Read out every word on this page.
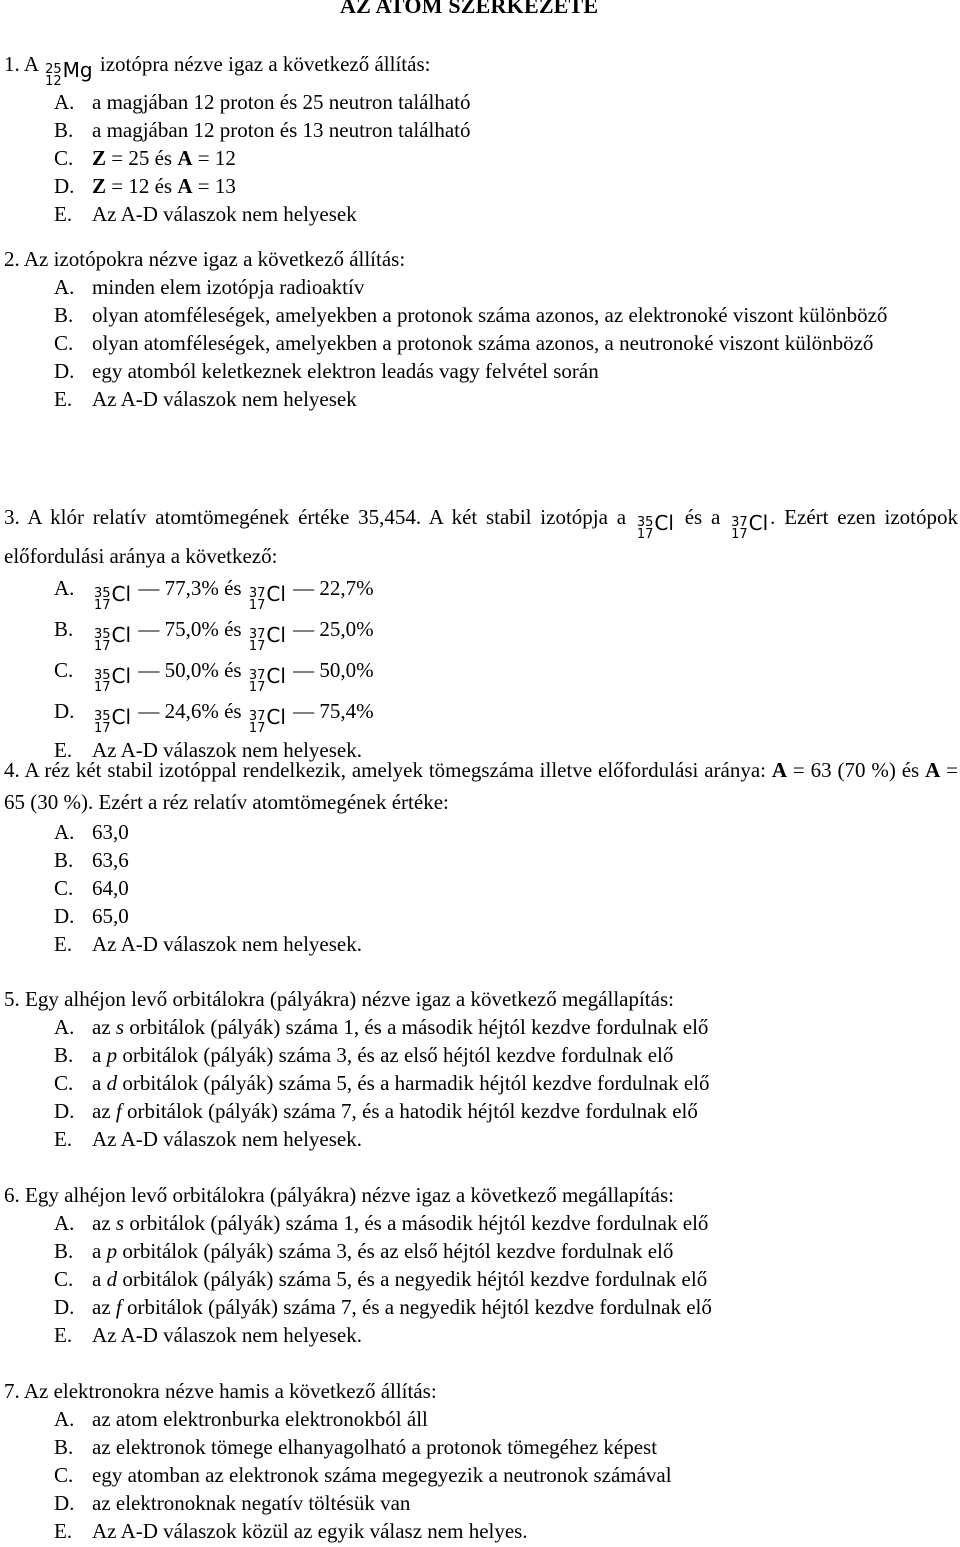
AZ ATOM SZERKEZETE

1. A 25
12 Mg izotópra nézve igaz a következő állítás:

A. a magjában 12 proton és 25 neutron található
B. a magjában 12 proton és 13 neutron található
C. Z = 25 és A = 12
D. Z = 12 és A = 13
E. Az A-D válaszok nem helyesek

2. Az izotópokra nézve igaz a következő állítás:

A. minden elem izotópja radioaktív
B. olyan atomféleségek, amelyekben a protonok száma azonos, az elektronoké viszont különböző
C. olyan atomféleségek, amelyekben a protonok száma azonos, a neutronoké viszont különböző
D. egy atomból keletkeznek elektron leadás vagy felvétel során
E. Az A-D válaszok nem helyesek

3. A klór relatív atomtömegének értéke 35,454. A két stabil izotópja a 35
17 Cl és a 37
17 Cl. Ezért ezen izotópok előfordulási aránya a következő:

A.	35
17 Cl — 77,3% és 37
17 Cl — 22,7%
B.	35
17 Cl — 75,0% és 37
17 Cl — 25,0%
C.	35
17 Cl — 50,0% és 37
17 Cl — 50,0%
D.	35
17 Cl — 24,6% és 37
17 Cl — 75,4%
E. Az A-D válaszok nem helyesek.

4. A réz két stabil izotóppal rendelkezik, amelyek tömegszáma illetve előfordulási aránya: A = 63 (70 %) és A = 65 (30 %). Ezért a réz relatív atomtömegének értéke:

A. 63,0
B. 63,6
C. 64,0
D. 65,0
E. Az A-D válaszok nem helyesek.

5. Egy alhéjon levő orbitálokra (pályákra) nézve igaz a következő megállapítás:

A. az s orbitálok (pályák) száma 1, és a második héjtól kezdve fordulnak elő
B. a p orbitálok (pályák) száma 3, és az első héjtól kezdve fordulnak elő
C. a d orbitálok (pályák) száma 5, és a harmadik héjtól kezdve fordulnak elő
D. az f orbitálok (pályák) száma 7, és a hatodik héjtól kezdve fordulnak elő
E. Az A-D válaszok nem helyesek.

6. Egy alhéjon levő orbitálokra (pályákra) nézve igaz a következő megállapítás:

A. az s orbitálok (pályák) száma 1, és a második héjtól kezdve fordulnak elő
B. a p orbitálok (pályák) száma 3, és az első héjtól kezdve fordulnak elő
C. a d orbitálok (pályák) száma 5, és a negyedik héjtól kezdve fordulnak elő
D. az f orbitálok (pályák) száma 7, és a negyedik héjtól kezdve fordulnak elő
E. Az A-D válaszok nem helyesek.

7. Az elektronokra nézve hamis a következő állítás:

A. az atom elektronburka elektronokból áll
B. az elektronok tömege elhanyagolható a protonok tömegéhez képest
C. egy atomban az elektronok száma megegyezik a neutronok számával
D. az elektronoknak negatív töltésük van
E. Az A-D válaszok közül az egyik válasz nem helyes.
